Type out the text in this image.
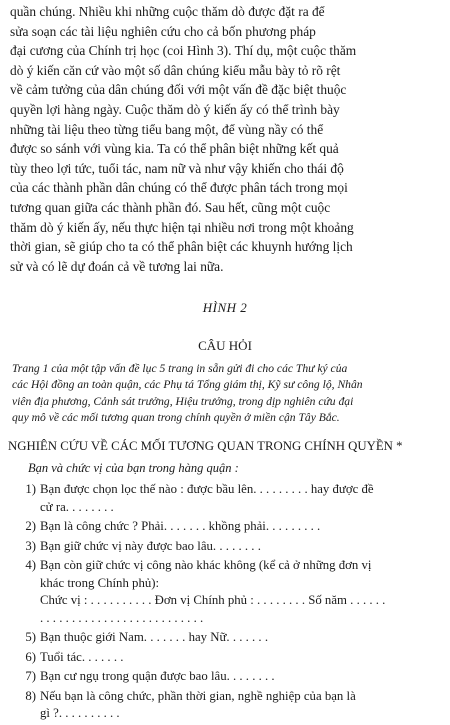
quần chúng. Nhiều khi những cuộc thăm dò được đặt ra để
sửa soạn các tài liệu nghiên cứu cho cả bốn phương pháp
đại cương của Chính trị học (coi Hình 3). Thí dụ, một cuộc thăm
dò ý kiến căn cứ vào một số dân chúng kiểu mẫu bày tỏ rõ rệt
về cảm tưởng của dân chúng đối với một vấn đề đặc biệt thuộc
quyền lợi hàng ngày. Cuộc thăm dò ý kiến ấy có thể trình bày
những tài liệu theo từng tiểu bang một, để vùng nầy có thể
được so sánh với vùng kia. Ta có thể phân biệt những kết quả
tùy theo lợi tức, tuổi tác, nam nữ và như vậy khiến cho thái độ
của các thành phần dân chúng có thể được phân tách trong mọi
tương quan giữa các thành phần đó. Sau hết, cũng một cuộc
thăm dò ý kiến ấy, nếu thực hiện tại nhiều nơi trong một khoảng
thời gian, sẽ giúp cho ta có thể phân biệt các khuynh hướng lịch
sử và có lẽ dự đoán cả về tương lai nữa.

HÌNH 2
CÂU HỎI

Trang 1 của một tập vấn đề lục 5 trang in sẵn gửi đi cho các Thư ký của
các Hội đồng an toàn quận, các Phụ tá Tổng giám thị, Kỹ sư công lộ, Nhân
viên địa phương, Cảnh sát trưởng, Hiệu trưởng, trong dịp nghiên cứu đại
quy mô về các mối tương quan trong chính quyền ở miền cận Tây Bắc.

NGHIÊN CỨU VỀ CÁC MỐI TƯƠNG QUAN TRONG CHÍNH QUYỀN *
Bạn và chức vị của bạn trong hàng quận :
1) Bạn được chọn lọc thế nào : được bầu lên. . . . . . . . . hay được đề
cử ra. . . . . . . .
2) Bạn là công chức ? Phải. . . . . . . khồng phải. . . . . . . . .
3) Bạn giữ chức vị này được bao lâu. . . . . . . .
4) Bạn còn giữ chức vị công nào khác không (kể cả ở những đơn vị
khác trong Chính phủ):
Chức vị : . . . . . . . . . . Đơn vị Chính phủ : . . . . . . . . Số năm . . . . . .
. . . . . . . . . . . . . . . . . . . . . . . . . .
5) Bạn thuộc giới Nam. . . . . . . hay Nữ. . . . . . .
6) Tuổi tác. . . . . . .
7) Bạn cư ngụ trong quận được bao lâu. . . . . . . .
8) Nếu bạn là công chức, phần thời gian, nghề nghiệp của bạn là
gì ?. . . . . . . . . .
